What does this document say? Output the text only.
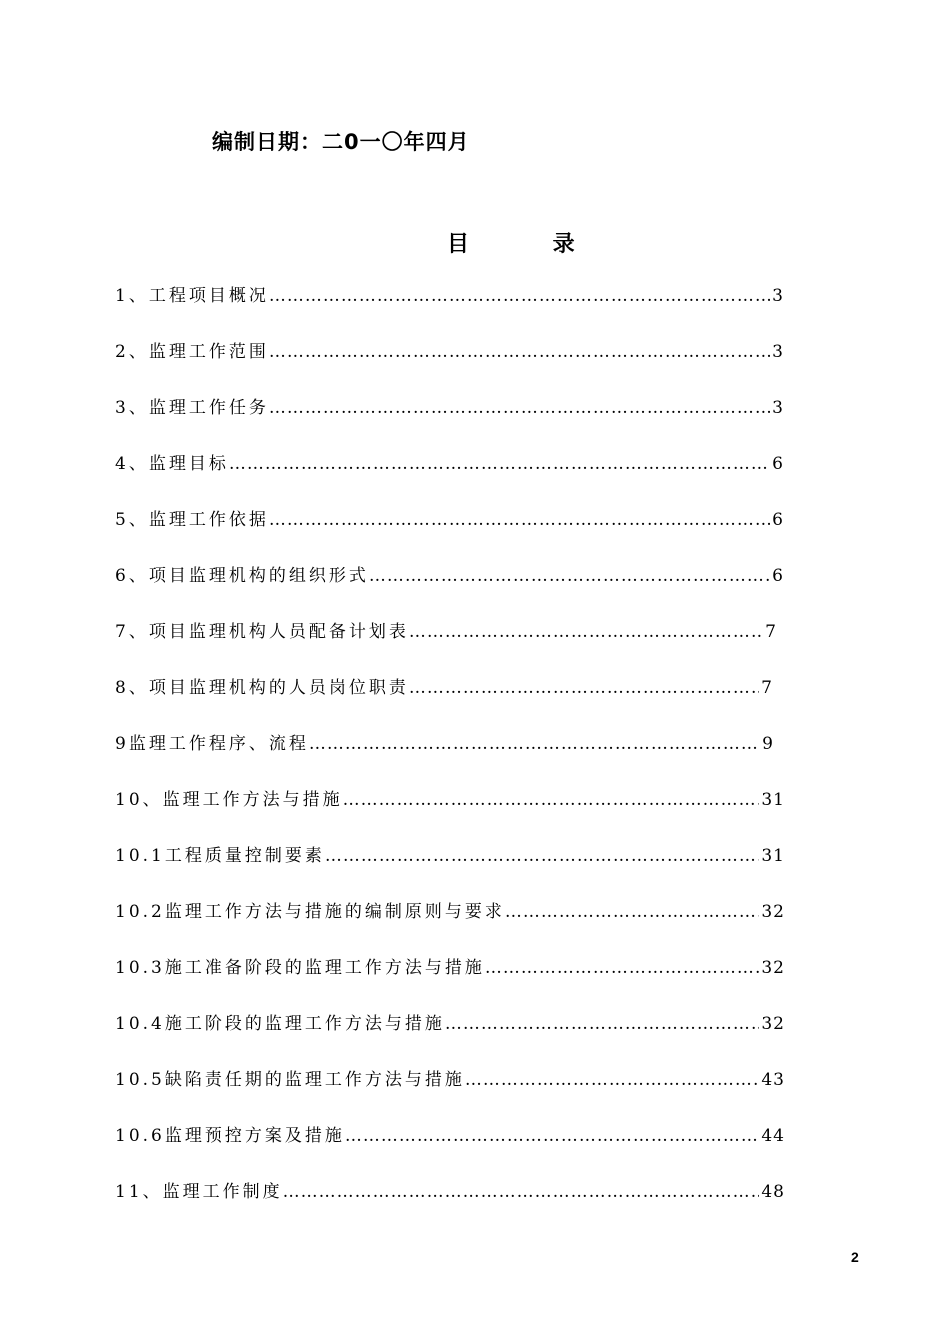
编制日期：二0一〇年四月
目 录
1、工程项目概况 …………………………………………………………………………………………………………………………………………	3
2、监理工作范围 …………………………………………………………………………………………………………………………………………	3
3、监理工作任务 …………………………………………………………………………………………………………………………………………	3
4、监理目标 …………………………………………………………………………………………………………………………………………	6
5、监理工作依据 …………………………………………………………………………………………………………………………………………	6
6、项目监理机构的组织形式 …………………………………………………………………………………………………………………………………………	6
7、项目监理机构人员配备计划表 …………………………………………………………………………………………………………………………………………	7
8、项目监理机构的人员岗位职责 …………………………………………………………………………………………………………………………………………	7
9监理工作程序、流程 …………………………………………………………………………………………………………………………………………	9
10、监理工作方法与措施 …………………………………………………………………………………………………………………………………………	31
10.1工程质量控制要素 …………………………………………………………………………………………………………………………………………	31
10.2监理工作方法与措施的编制原则与要求 …………………………………………………………………………………………………………………………………………	32
10.3施工准备阶段的监理工作方法与措施 …………………………………………………………………………………………………………………………………………	32
10.4施工阶段的监理工作方法与措施 …………………………………………………………………………………………………………………………………………	32
10.5缺陷责任期的监理工作方法与措施 …………………………………………………………………………………………………………………………………………	43
10.6监理预控方案及措施 …………………………………………………………………………………………………………………………………………	44
11、监理工作制度 …………………………………………………………………………………………………………………………………………	48
2
